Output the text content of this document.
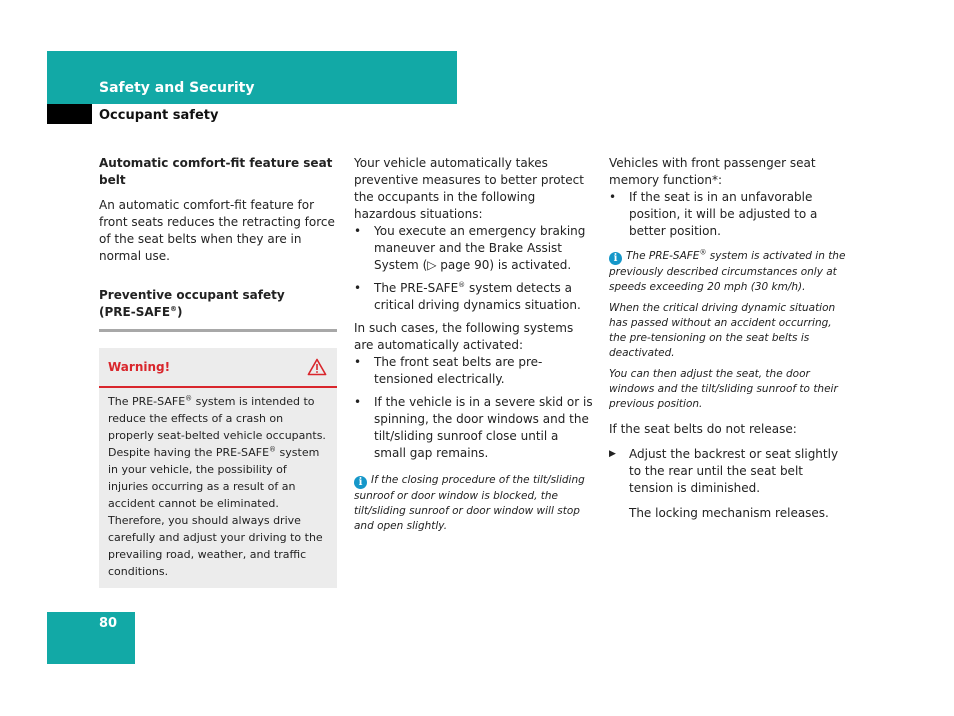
Safety and Security
Occupant safety
Automatic comfort-fit feature seat belt

An automatic comfort-fit feature for front seats reduces the retracting force of the seat belts when they are in normal use.

Preventive occupant safety
(PRE-SAFE®)
Warning!
The PRE-SAFE® system is intended to reduce the effects of a crash on properly seat-belted vehicle occupants. Despite having the PRE-SAFE® system in your vehicle, the possibility of injuries occurring as a result of an accident cannot be eliminated. Therefore, you should always drive carefully and adjust your driving to the prevailing road, weather, and traffic conditions.

Your vehicle automatically takes preventive measures to better protect the occupants in the following hazardous situations:

• You execute an emergency braking maneuver and the Brake Assist System (▷ page 90) is activated.
• The PRE-SAFE® system detects a critical driving dynamics situation.

In such cases, the following systems are automatically activated:

• The front seat belts are pre-tensioned electrically.
• If the vehicle is in a severe skid or is spinning, the door windows and the tilt/sliding sunroof close until a small gap remains.

i If the closing procedure of the tilt/sliding sunroof or door window is blocked, the tilt/sliding sunroof or door window will stop and open slightly.

Vehicles with front passenger seat memory function*:

• If the seat is in an unfavorable position, it will be adjusted to a better position.

i The PRE-SAFE® system is activated in the previously described circumstances only at speeds exceeding 20 mph (30 km/h).

When the critical driving dynamic situation has passed without an accident occurring, the pre-tensioning on the seat belts is deactivated.

You can then adjust the seat, the door windows and the tilt/sliding sunroof to their previous position.

If the seat belts do not release:

▶ Adjust the backrest or seat slightly to the rear until the seat belt tension is diminished.

The locking mechanism releases.

80
